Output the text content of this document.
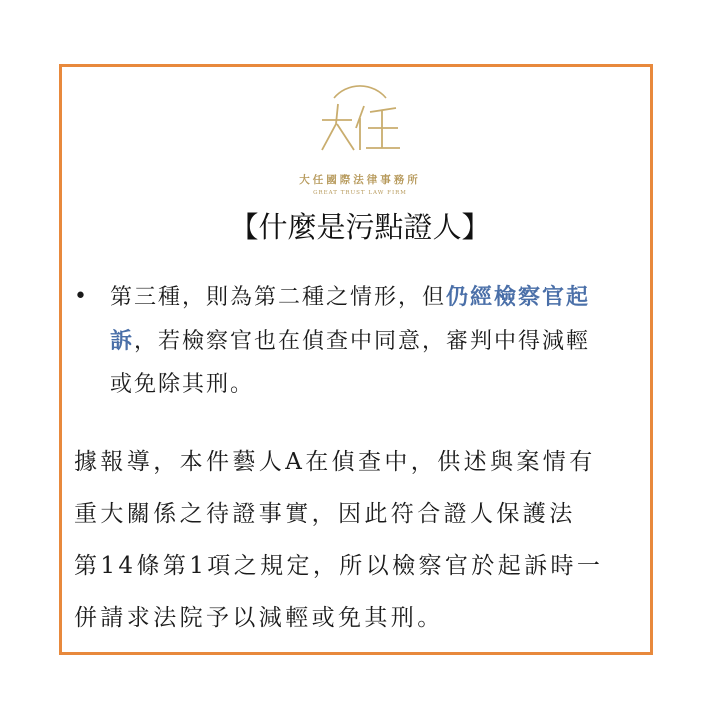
大任國際法律事務所
GREAT TRUST LAW FIRM
【什麼是污點證人】
•	第三種，則為第二種之情形，但仍經檢察官起
訴，若檢察官也在偵查中同意，審判中得減輕
或免除其刑。
據報導，本件藝人A在偵查中，供述與案情有
重大關係之待證事實，因此符合證人保護法
第14條第1項之規定，所以檢察官於起訴時一
併請求法院予以減輕或免其刑。
